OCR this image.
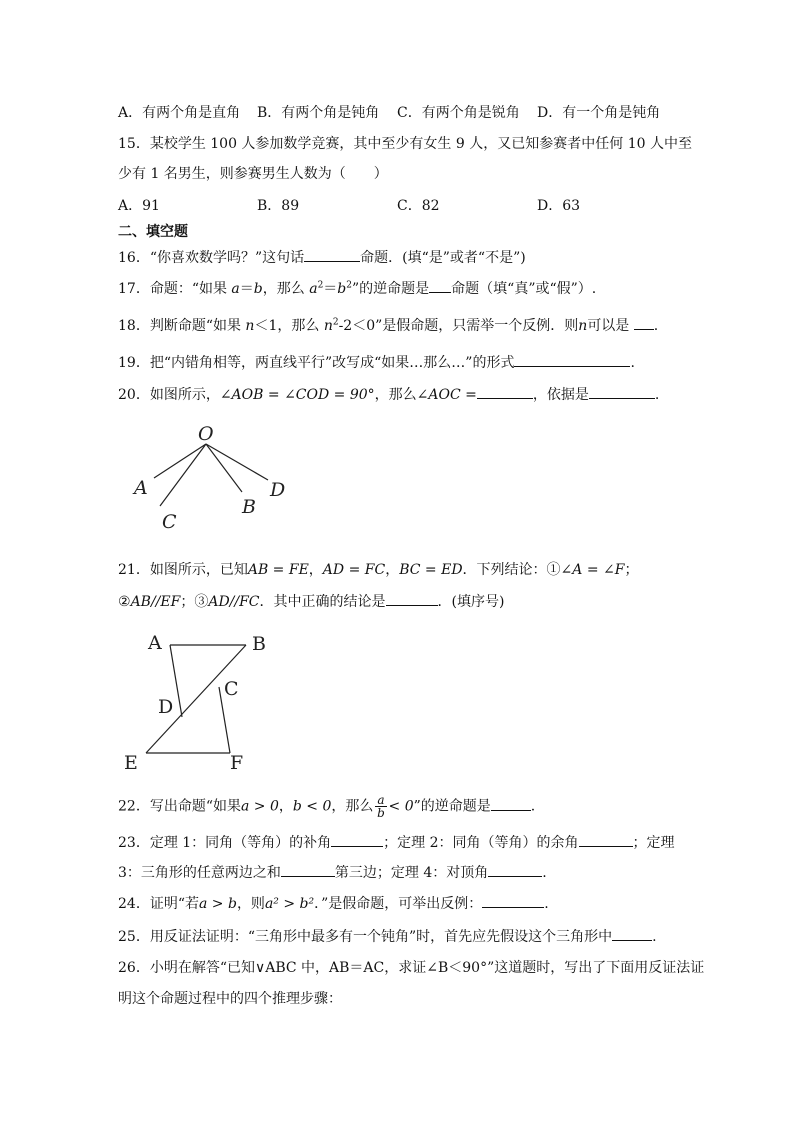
A．有两个角是直角 B．有两个角是钝角 C．有两个角是锐角 D．有一个角是钝角
15．某校学生 100 人参加数学竞赛，其中至少有女生 9 人，又已知参赛者中任何 10 人中至
少有 1 名男生，则参赛男生人数为（　　）
A．91	B．89	C．82	D．63
二、填空题
16．“你喜欢数学吗？”这句话	命题．(填“是”或者“不是”)
17．命题：“如果 a＝b，那么 $a^2=b^2$”的逆命题是 命题（填“真”或“假”）.
18．判断命题“如果 n＜1，那么 $n^2-2<0$”是假命题，只需举一个反例．则n可以是 .
19．把“内错角相等，两直线平行”改写成“如果…那么…”的形式	.
20．如图所示，∠AOB = ∠COD = 90°，那么∠AOC =	，依据是	.
O
A
C
B
D
21．如图所示，已知AB = FE，AD = FC，BC = ED．下列结论：①∠A = ∠F；
②AB//EF；③AD//FC．其中正确的结论是	．(填序号)
A	B
C
D
E	F
22．写出命题“如果a > 0，b < 0，那么 $\frac{a}{b} < 0$”的逆命题是	.
23．定理 1：同角（等角）的补角	；定理 2：同角（等角）的余角	；定理
3：三角形的任意两边之和	第三边；定理 4：对顶角	.
24．证明“若a > b，则a² > b²．”是假命题，可举出反例：	.
25．用反证法证明：“三角形中最多有一个钝角”时，首先应先假设这个三角形中	.
26．小明在解答“已知∨ABC 中，AB＝AC，求证∠B＜90°”这道题时，写出了下面用反证法证
明这个命题过程中的四个推理步骤：
